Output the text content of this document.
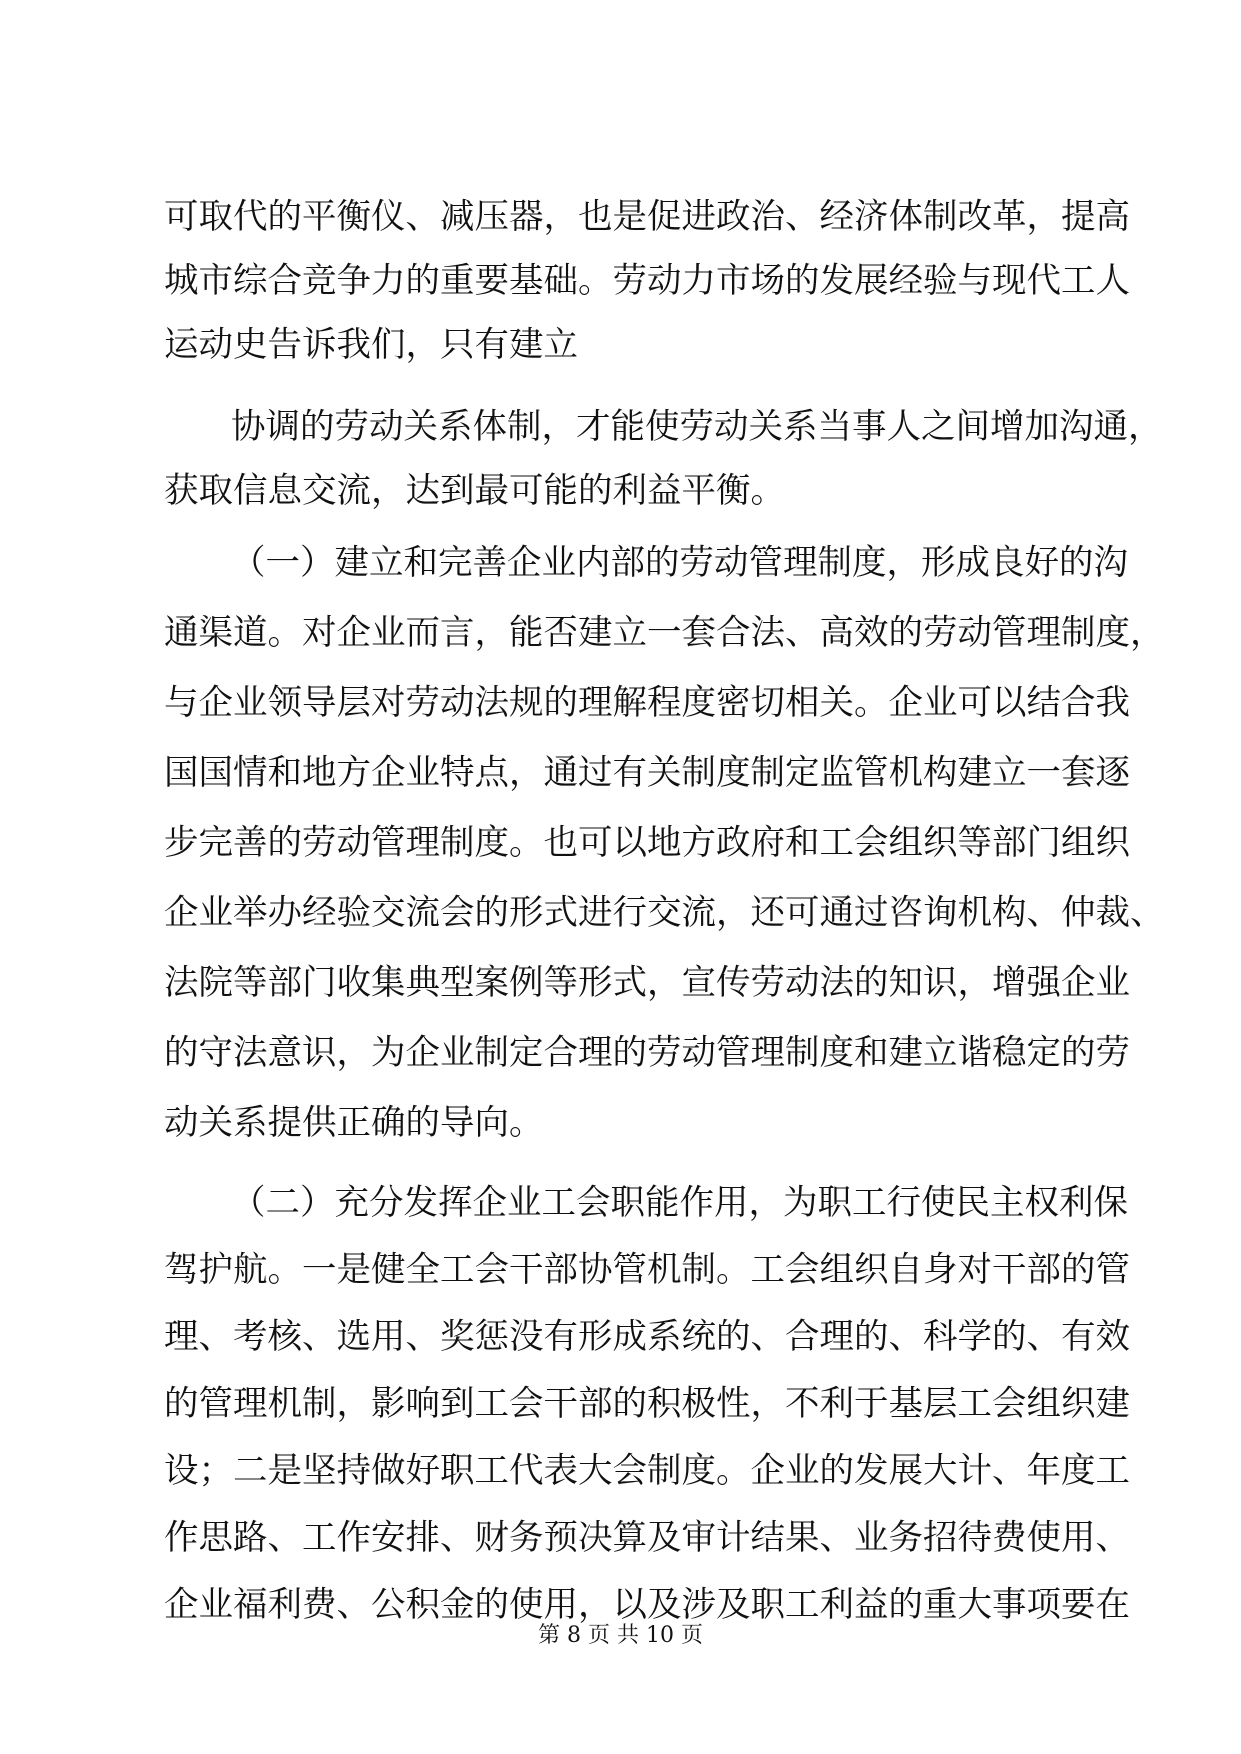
可取代的平衡仪、减压器，也是促进政治、经济体制改革，提高
城市综合竞争力的重要基础。劳动力市场的发展经验与现代工人
运动史告诉我们，只有建立
协调的劳动关系体制，才能使劳动关系当事人之间增加沟通，
获取信息交流，达到最可能的利益平衡。
（一）建立和完善企业内部的劳动管理制度，形成良好的沟
通渠道。对企业而言，能否建立一套合法、高效的劳动管理制度，
与企业领导层对劳动法规的理解程度密切相关。企业可以结合我
国国情和地方企业特点，通过有关制度制定监管机构建立一套逐
步完善的劳动管理制度。也可以地方政府和工会组织等部门组织
企业举办经验交流会的形式进行交流，还可通过咨询机构、仲裁、
法院等部门收集典型案例等形式，宣传劳动法的知识，增强企业
的守法意识，为企业制定合理的劳动管理制度和建立谐稳定的劳
动关系提供正确的导向。
（二）充分发挥企业工会职能作用，为职工行使民主权利保
驾护航。一是健全工会干部协管机制。工会组织自身对干部的管
理、考核、选用、奖惩没有形成系统的、合理的、科学的、有效
的管理机制，影响到工会干部的积极性，不利于基层工会组织建
设；二是坚持做好职工代表大会制度。企业的发展大计、年度工
作思路、工作安排、财务预决算及审计结果、业务招待费使用、
企业福利费、公积金的使用，以及涉及职工利益的重大事项要在
第 8 页 共 10 页
